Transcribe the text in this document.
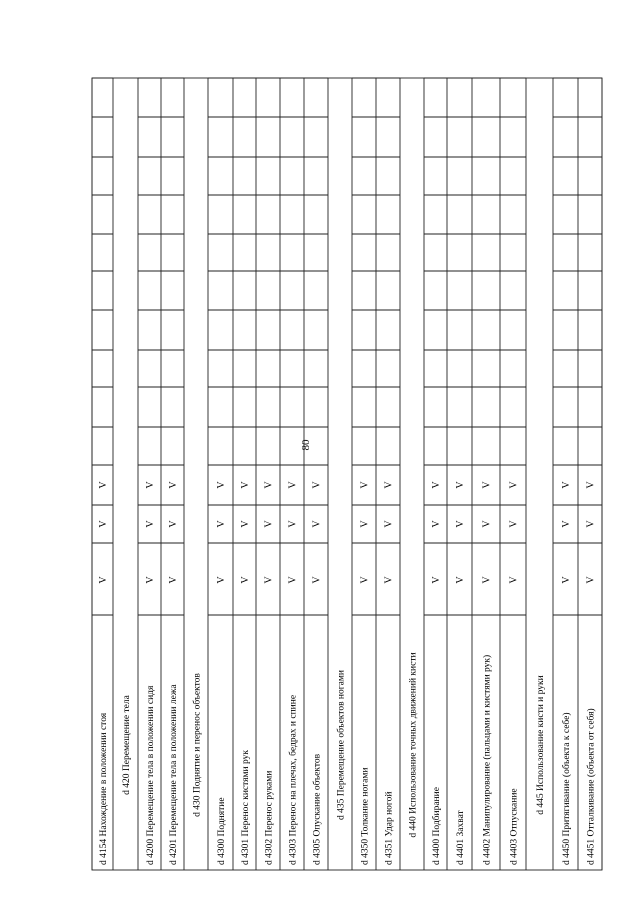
80
d 4154 Нахождение в положении стоя d 420 Перемещение тела d 4200 Перемещение тела в положении сидя d 4201 Перемещение тела в положении лежа d 430 Поднятие и перенос объектов
d 4300 Поднятие d 4301 Перенос кистями рук d 4302 Перенос руками d 4303 Перенос на плечах, бедрах и спине d 4305 Опускание объектов d 435 Перемещение объектов ногами d 4350 Толкание ногами d 4351 Удар ногой d 440 Использование точных движений кисти d 4400 Подбирание d 4401 Захват d 4402 Манипулирование (пальцами и кистями рук) d 4403 Отпускание
d 445 Использование кисти и руки d 4450 Притягивание (объекта к себе) d 4451 Отталкивание (объекта от себя)
V
V
V
V
V
V
V
V
V
V
V
V
V
V
V
V
V
V
V
V
V
V
V
V
V
V
V
V
V
V
V
V
V
V
V
V
V
V
V
V
V
V
V
V
V
V
V
V
